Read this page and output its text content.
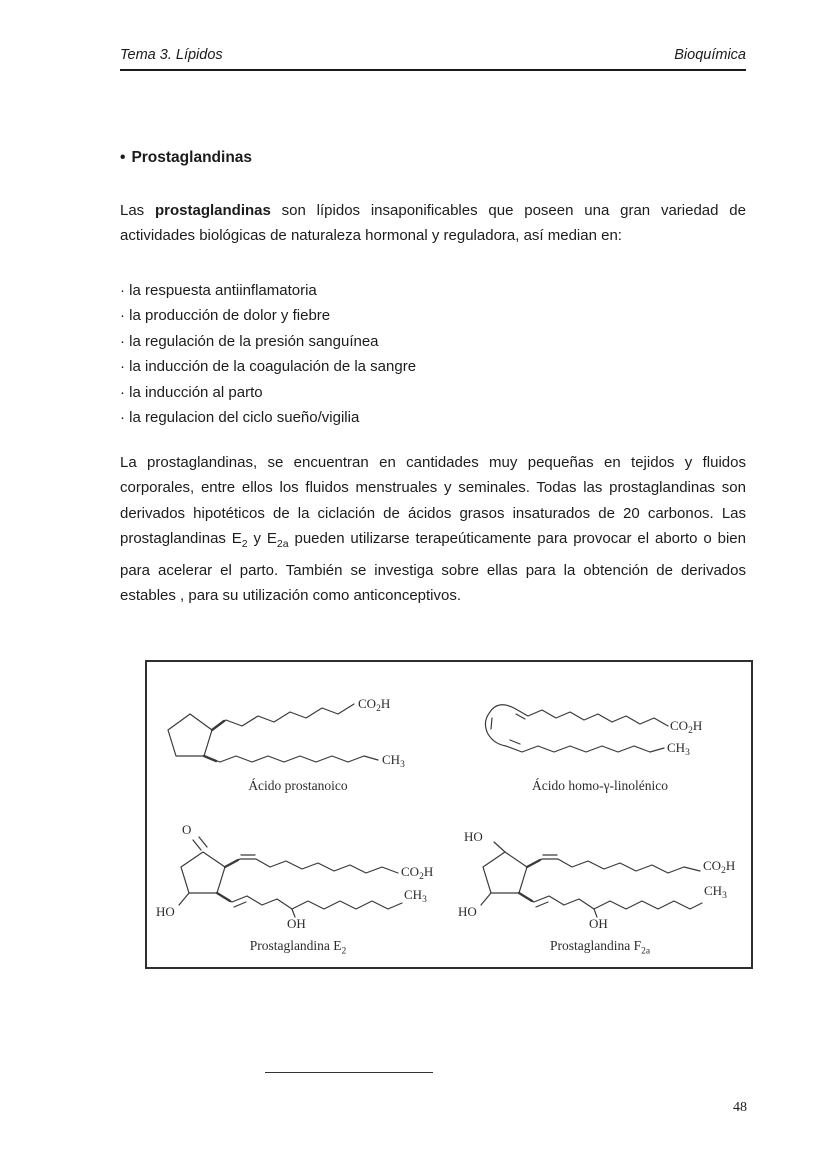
Tema 3. Lípidos	Bioquímica
• Prostaglandinas

Las prostaglandinas son lípidos insaponificables que poseen una gran variedad de actividades biológicas de naturaleza hormonal y reguladora, así median en:

· la respuesta antiinflamatoria
· la producción de dolor y fiebre
· la regulación de la presión sanguínea
· la inducción de la coagulación de la sangre
· la inducción al parto
· la regulacion del ciclo sueño/vigilia

La prostaglandinas, se encuentran en cantidades muy pequeñas en tejidos y fluidos corporales, entre ellos los fluidos menstruales y seminales. Todas las prostaglandinas son derivados hipotéticos de la ciclación de ácidos grasos insaturados de 20 carbonos. Las prostaglandinas $E_2$ y $E_{2a}$ pueden utilizarse terapeúticamente para provocar el aborto o bien para acelerar el parto. También se investiga sobre ellas para la obtención de derivados estables , para su utilización como anticonceptivos.

$CO_2H$
$CH_3$
Ácido prostanoico
$CO_2H$
$CH_3$
Ácido homo-γ-linolénico
O
HO
OH
$CO_2H$
$CH_3$
Prostaglandina $E_2$
HO
HO
OH
$CO_2H$
$CH_3$
Prostaglandina $F_{2a}$
48
